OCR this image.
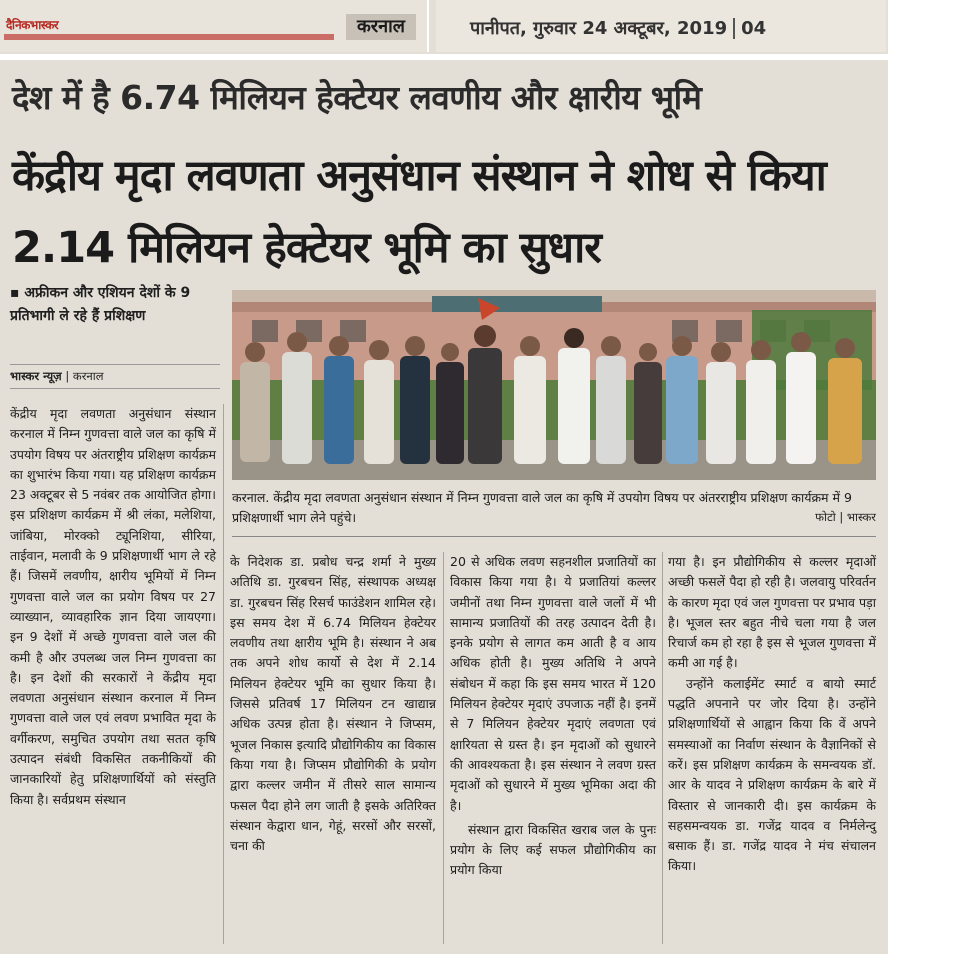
दैनिकभास्कर	करनाल	पानीपत, गुरुवार 24 अक्टूबर, 2019 04
देश में है 6.74 मिलियन हेक्टेयर लवणीय और क्षारीय भूमि
केंद्रीय मृदा लवणता अनुसंधान संस्थान ने शोध से किया 2.14 मिलियन हेक्टेयर भूमि का सुधार
▪ अफ्रीकन और एशियन देशों के 9 प्रतिभागी ले रहे हैं प्रशिक्षण
भास्कर न्यूज़ | करनाल
करनाल. केंद्रीय मृदा लवणता अनुसंधान संस्थान में निम्न गुणवत्ता वाले जल का कृषि में उपयोग विषय पर अंतरराष्ट्रीय प्रशिक्षण कार्यक्रम में 9 प्रशिक्षणार्थी भाग लेने पहुंचे।	फोटो | भास्कर

केंद्रीय मृदा लवणता अनुसंधान संस्थान करनाल में निम्न गुणवत्ता वाले जल का कृषि में उपयोग विषय पर अंतराष्ट्रीय प्रशिक्षण कार्यक्रम का शुभारंभ किया गया। यह प्रशिक्षण कार्यक्रम 23 अक्टूबर से 5 नवंबर तक आयोजित होगा। इस प्रशिक्षण कार्यक्रम में श्री लंका, मलेशिया, जांबिया, मोरक्को ट्यूनिशिया, सीरिया, ताईवान, मलावी के 9 प्रशिक्षणार्थी भाग ले रहे हैं। जिसमें लवणीय, क्षारीय भूमियों में निम्न गुणवत्ता वाले जल का प्रयोग विषय पर 27 व्याख्यान, व्यावहारिक ज्ञान दिया जायएगा। इन 9 देशों में अच्छे गुणवत्ता वाले जल की कमी है और उपलब्ध जल निम्न गुणवत्ता का है। इन देशों की सरकारों ने केंद्रीय मृदा लवणता अनुसंधान संस्थान करनाल में निम्न गुणवत्ता वाले जल एवं लवण प्रभावित मृदा के वर्गीकरण, समुचित उपयोग तथा सतत कृषि उत्पादन संबंधी विकसित तकनीकियों की जानकारियों हेतु प्रशिक्षणार्थियों को संस्तुति किया है। सर्वप्रथम संस्थान

के निदेशक डा. प्रबोध चन्द्र शर्मा ने मुख्य अतिथि डा. गुरबचन सिंह, संस्थापक अध्यक्ष डा. गुरबचन सिंह रिसर्च फाउंडेशन शामिल रहे। इस समय देश में 6.74 मिलियन हेक्टेयर लवणीय तथा क्षारीय भूमि है। संस्थान ने अब तक अपने शोध कार्यो से देश में 2.14 मिलियन हेक्टेयर भूमि का सुधार किया है। जिससे प्रतिवर्ष 17 मिलियन टन खाद्यान्न अधिक उत्पन्न होता है। संस्थान ने जिप्सम, भूजल निकास इत्यादि प्रौद्योगिकीय का विकास किया गया है। जिप्सम प्रौद्योगिकी के प्रयोग द्वारा कल्लर जमीन में तीसरे साल सामान्य फसल पैदा होने लग जाती है इसके अतिरिक्त संस्थान केद्वारा धान, गेहूं, सरसों और सरसों, चना की

20 से अधिक लवण सहनशील प्रजातियों का विकास किया गया है। ये प्रजातियां कल्लर जमीनों तथा निम्न गुणवत्ता वाले जलों में भी सामान्य प्रजातियों की तरह उत्पादन देती है। इनके प्रयोग से लागत कम आती है व आय अधिक होती है। मुख्य अतिथि ने अपने संबोधन में कहा कि इस समय भारत में 120 मिलियन हेक्टेयर मृदाएं उपजाऊ नहीं है। इनमें से 7 मिलियन हेक्टेयर मृदाएं लवणता एवं क्षारियता से ग्रस्त है। इन मृदाओं को सुधारने की आवश्यकता है। इस संस्थान ने लवण ग्रस्त मृदाओं को सुधारने में मुख्य भूमिका अदा की है।

संस्थान द्वारा विकसित खराब जल के पुनः प्रयोग के लिए कई सफल प्रौद्योगिकीय का प्रयोग किया

गया है। इन प्रौद्योगिकीय से कल्लर मृदाओं अच्छी फसलें पैदा हो रही है। जलवायु परिवर्तन के कारण मृदा एवं जल गुणवत्ता पर प्रभाव पड़ा है। भूजल स्तर बहुत नीचे चला गया है जल रिचार्ज कम हो रहा है इस से भूजल गुणवत्ता में कमी आ गई है।

उन्होंने कलाईमेंट स्मार्ट व बायो स्मार्ट पद्धति अपनाने पर जोर दिया है। उन्होंने प्रशिक्षणार्थियों से आह्वान किया कि वें अपने समस्याओं का निर्वाण संस्थान के वैज्ञानिकों से करें। इस प्रशिक्षण कार्यक्रम के समन्वयक डॉ. आर के यादव ने प्रशिक्षण कार्यक्रम के बारे में विस्तार से जानकारी दी। इस कार्यक्रम के सहसमन्वयक डा. गजेंद्र यादव व निर्मलेन्दु बसाक हैं। डा. गजेंद्र यादव ने मंच संचालन किया।
